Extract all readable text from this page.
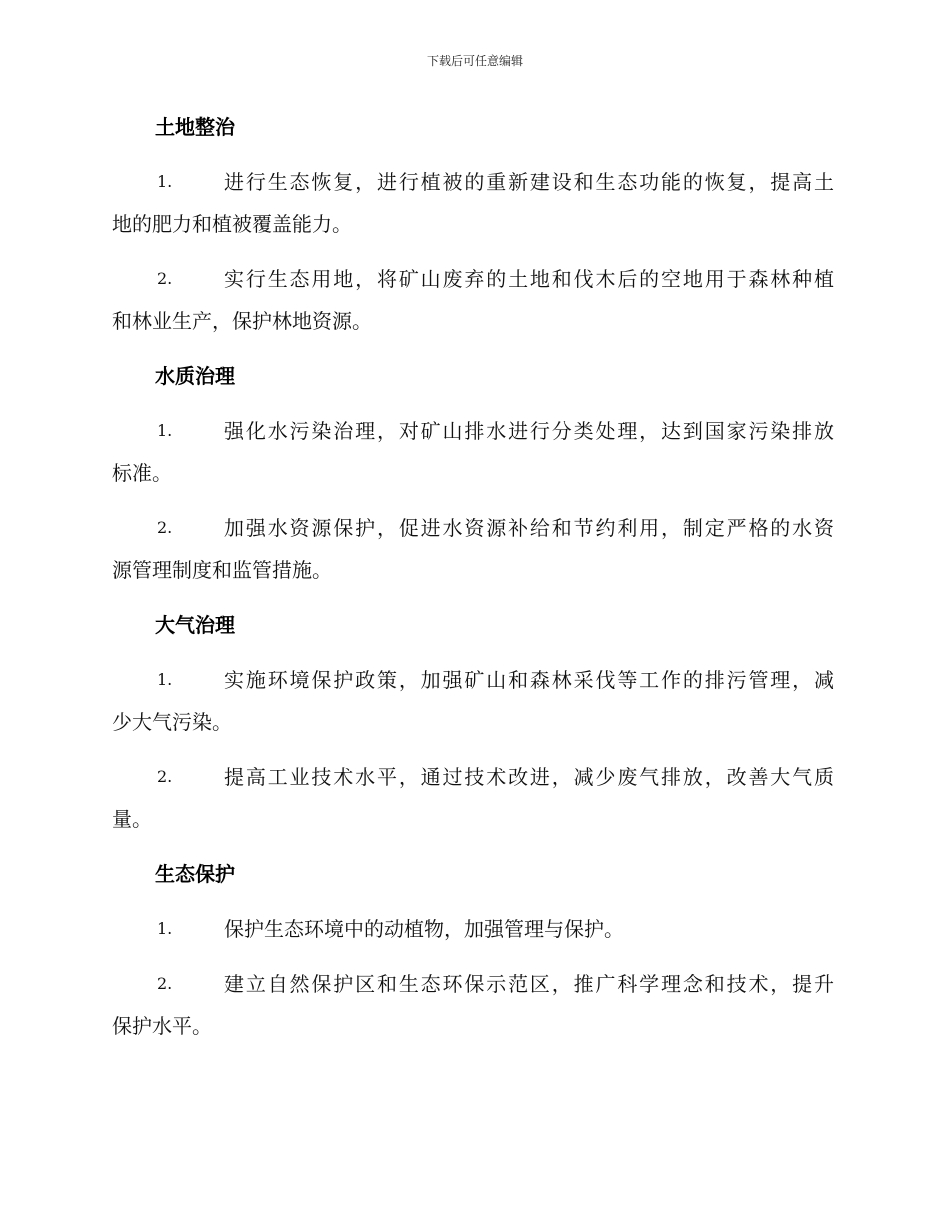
下载后可任意编辑
土地整治
1.	进行生态恢复，进行植被的重新建设和生态功能的恢复，提高土
地的肥力和植被覆盖能力。
2.	实行生态用地，将矿山废弃的土地和伐木后的空地用于森林种植
和林业生产，保护林地资源。
水质治理
1.	强化水污染治理，对矿山排水进行分类处理，达到国家污染排放
标准。
2.	加强水资源保护，促进水资源补给和节约利用，制定严格的水资
源管理制度和监管措施。
大气治理
1.	实施环境保护政策，加强矿山和森林采伐等工作的排污管理，减
少大气污染。
2.	提高工业技术水平，通过技术改进，减少废气排放，改善大气质
量。
生态保护
1.	保护生态环境中的动植物，加强管理与保护。
2.	建立自然保护区和生态环保示范区，推广科学理念和技术，提升
保护水平。
